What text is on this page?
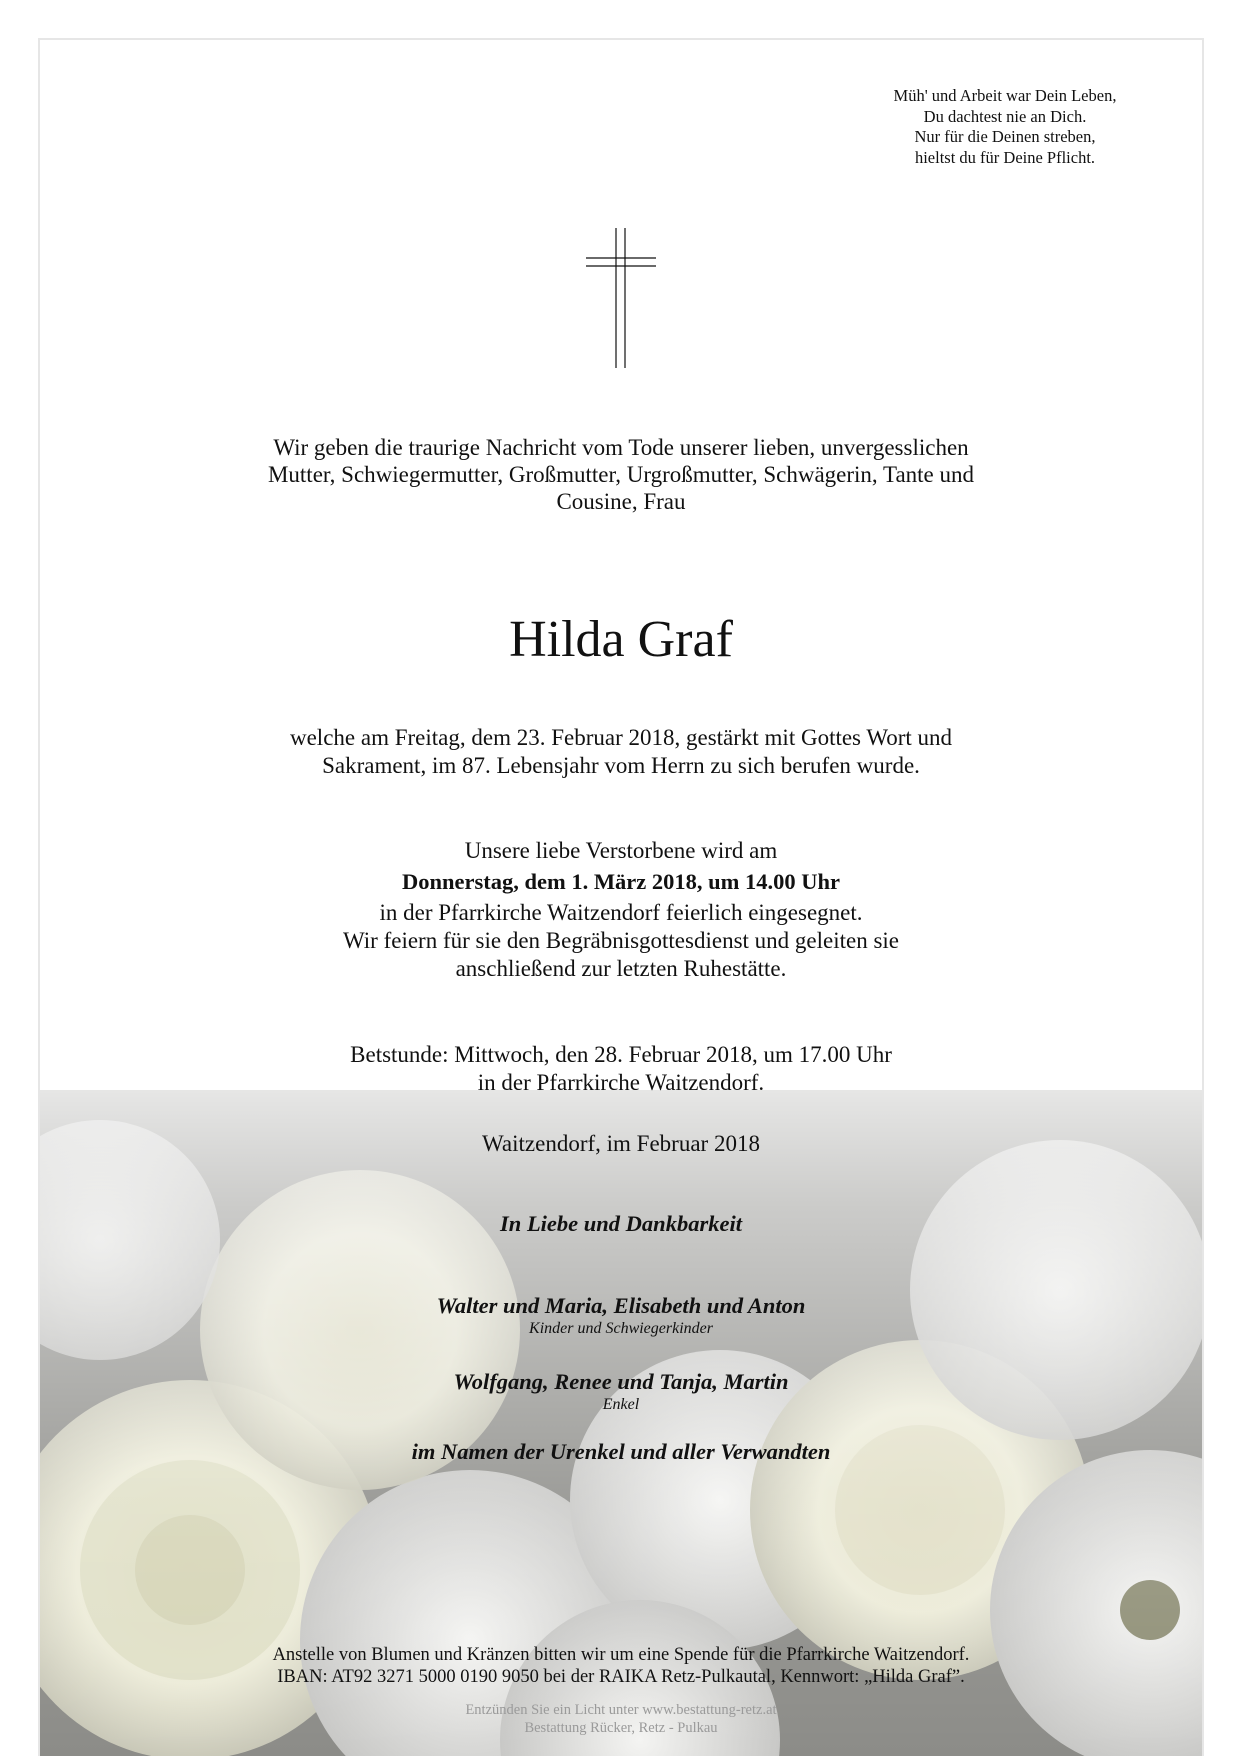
Müh' und Arbeit war Dein Leben,
Du dachtest nie an Dich.
Nur für die Deinen streben,
hieltst du für Deine Pflicht.
Wir geben die traurige Nachricht vom Tode unserer lieben, unvergesslichen
Mutter, Schwiegermutter, Großmutter, Urgroßmutter, Schwägerin, Tante und
Cousine, Frau
Hilda Graf
welche am Freitag, dem 23. Februar 2018, gestärkt mit Gottes Wort und
Sakrament, im 87. Lebensjahr vom Herrn zu sich berufen wurde.
Unsere liebe Verstorbene wird am
Donnerstag, dem 1. März 2018, um 14.00 Uhr
in der Pfarrkirche Waitzendorf feierlich eingesegnet.
Wir feiern für sie den Begräbnisgottesdienst und geleiten sie
anschließend zur letzten Ruhestätte.
Betstunde: Mittwoch, den 28. Februar 2018, um 17.00 Uhr
in der Pfarrkirche Waitzendorf.
Waitzendorf, im Februar 2018
In Liebe und Dankbarkeit
Walter und Maria, Elisabeth und Anton
Kinder und Schwiegerkinder
Wolfgang, Renee und Tanja, Martin
Enkel
im Namen der Urenkel und aller Verwandten
Anstelle von Blumen und Kränzen bitten wir um eine Spende für die Pfarrkirche Waitzendorf.
IBAN: AT92 3271 5000 0190 9050 bei der RAIKA Retz-Pulkautal, Kennwort: „Hilda Graf”.
Entzünden Sie ein Licht unter www.bestattung-retz.at
Bestattung Rücker, Retz - Pulkau
